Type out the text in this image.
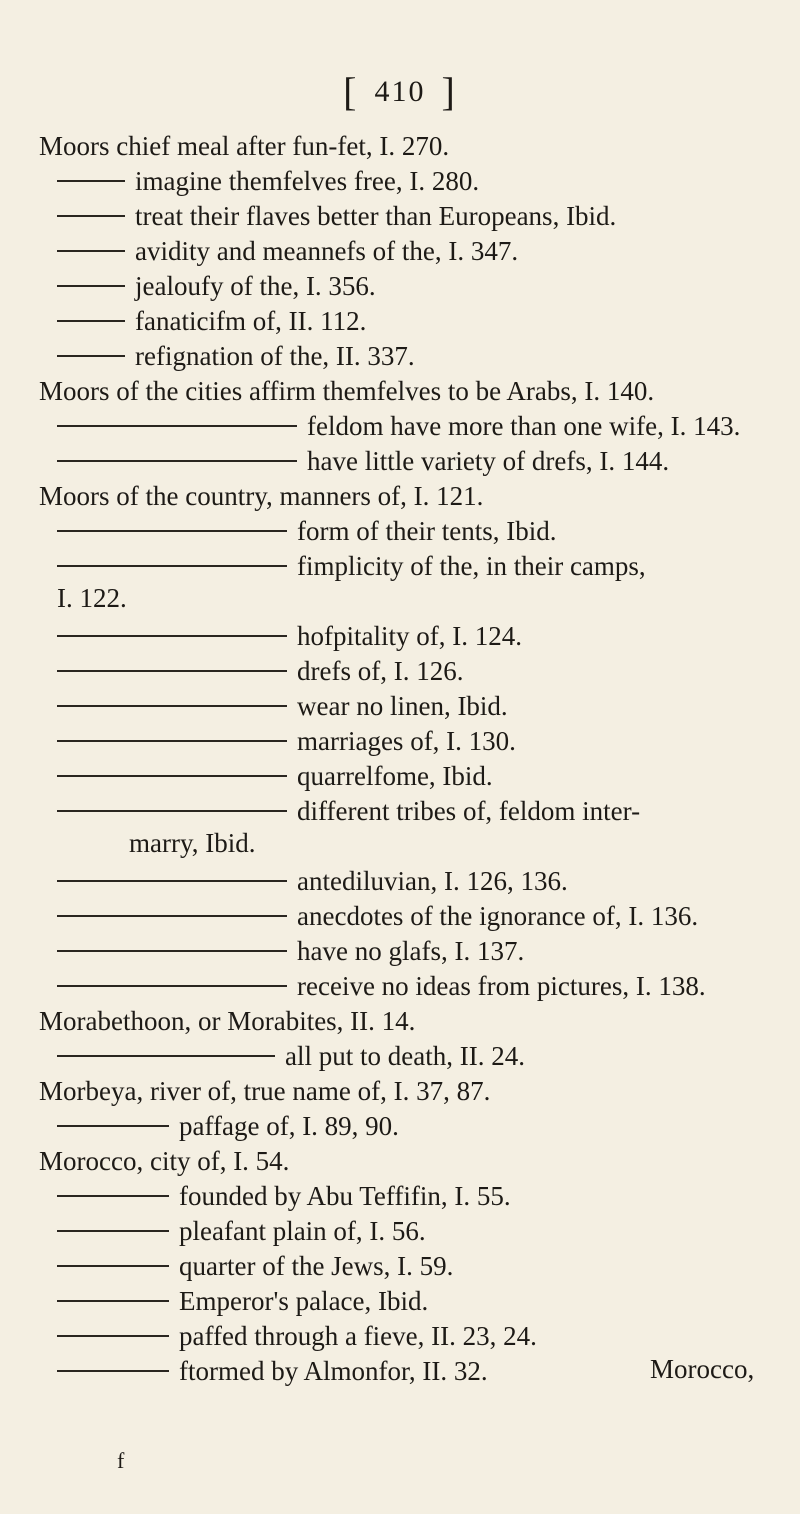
[ 410 ]
Moors chief meal after fun-fet, I. 270.
imagine themfelves free, I. 280.
treat their flaves better than Europeans, Ibid.
avidity and meannefs of the, I. 347.
jealoufy of the, I. 356.
fanaticifm of, II. 112.
refignation of the, II. 337.
Moors of the cities affirm themfelves to be Arabs, I. 140.
feldom have more than one wife, I. 143.
have little variety of drefs, I. 144.
Moors of the country, manners of, I. 121.
form of their tents, Ibid.
fimplicity of the, in their camps,
I. 122.
hofpitality of, I. 124.
drefs of, I. 126.
wear no linen, Ibid.
marriages of, I. 130.
quarrelfome, Ibid.
different tribes of, feldom inter-
marry, Ibid.
antediluvian, I. 126, 136.
anecdotes of the ignorance of, I. 136.
have no glafs, I. 137.
receive no ideas from pictures, I. 138.
Morabethoon, or Morabites, II. 14.
all put to death, II. 24.
Morbeya, river of, true name of, I. 37, 87.
paffage of, I. 89, 90.
Morocco, city of, I. 54.
founded by Abu Teffifin, I. 55.
pleafant plain of, I. 56.
quarter of the Jews, I. 59.
Emperor's palace, Ibid.
paffed through a fieve, II. 23, 24.
ftormed by Almonfor, II. 32.	Morocco,
f
